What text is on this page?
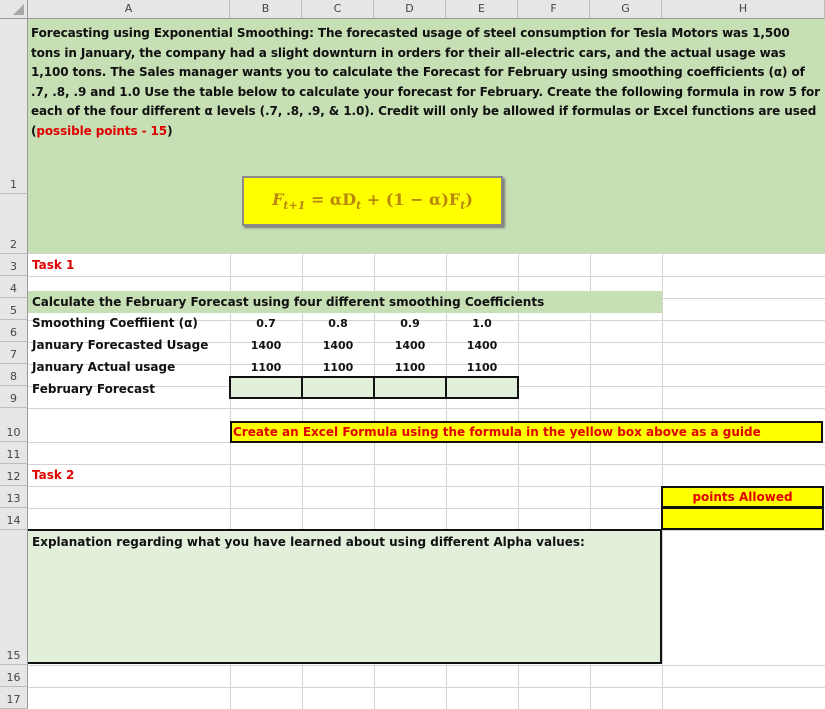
A	B	C	D	E	F	G	H
1
2
3
4
5
6
7
8
9
10
11
12
13
14
15
16
17
Forecasting using Exponential Smoothing: The forecasted usage of steel consumption for Tesla Motors was 1,500 tons in January, the company had a slight downturn in orders for their all-electric cars, and the actual usage was 1,100 tons. The Sales manager wants you to calculate the Forecast for February using smoothing coefficients (α) of .7, .8, .9 and 1.0 Use the table below to calculate your forecast for February. Create the following formula in row 5 for each of the four different α levels (.7, .8, .9, & 1.0). Credit will only be allowed if formulas or Excel functions are used (possible points - 15)
$F_{t+1} = \alpha D_t + (1 - \alpha)F_t$)
Task 1
Calculate the February Forecast using four different smoothing Coefficients
Smoothing Coeffiient (α)	0.7	0.8	0.9	1.0
January Forecasted Usage	1400	1400	1400	1400
January Actual usage	1100	1100	1100	1100
February Forecast
Create an Excel Formula using the formula in the yellow box above as a guide
Task 2
points Allowed
Explanation regarding what you have learned about using different Alpha values:
